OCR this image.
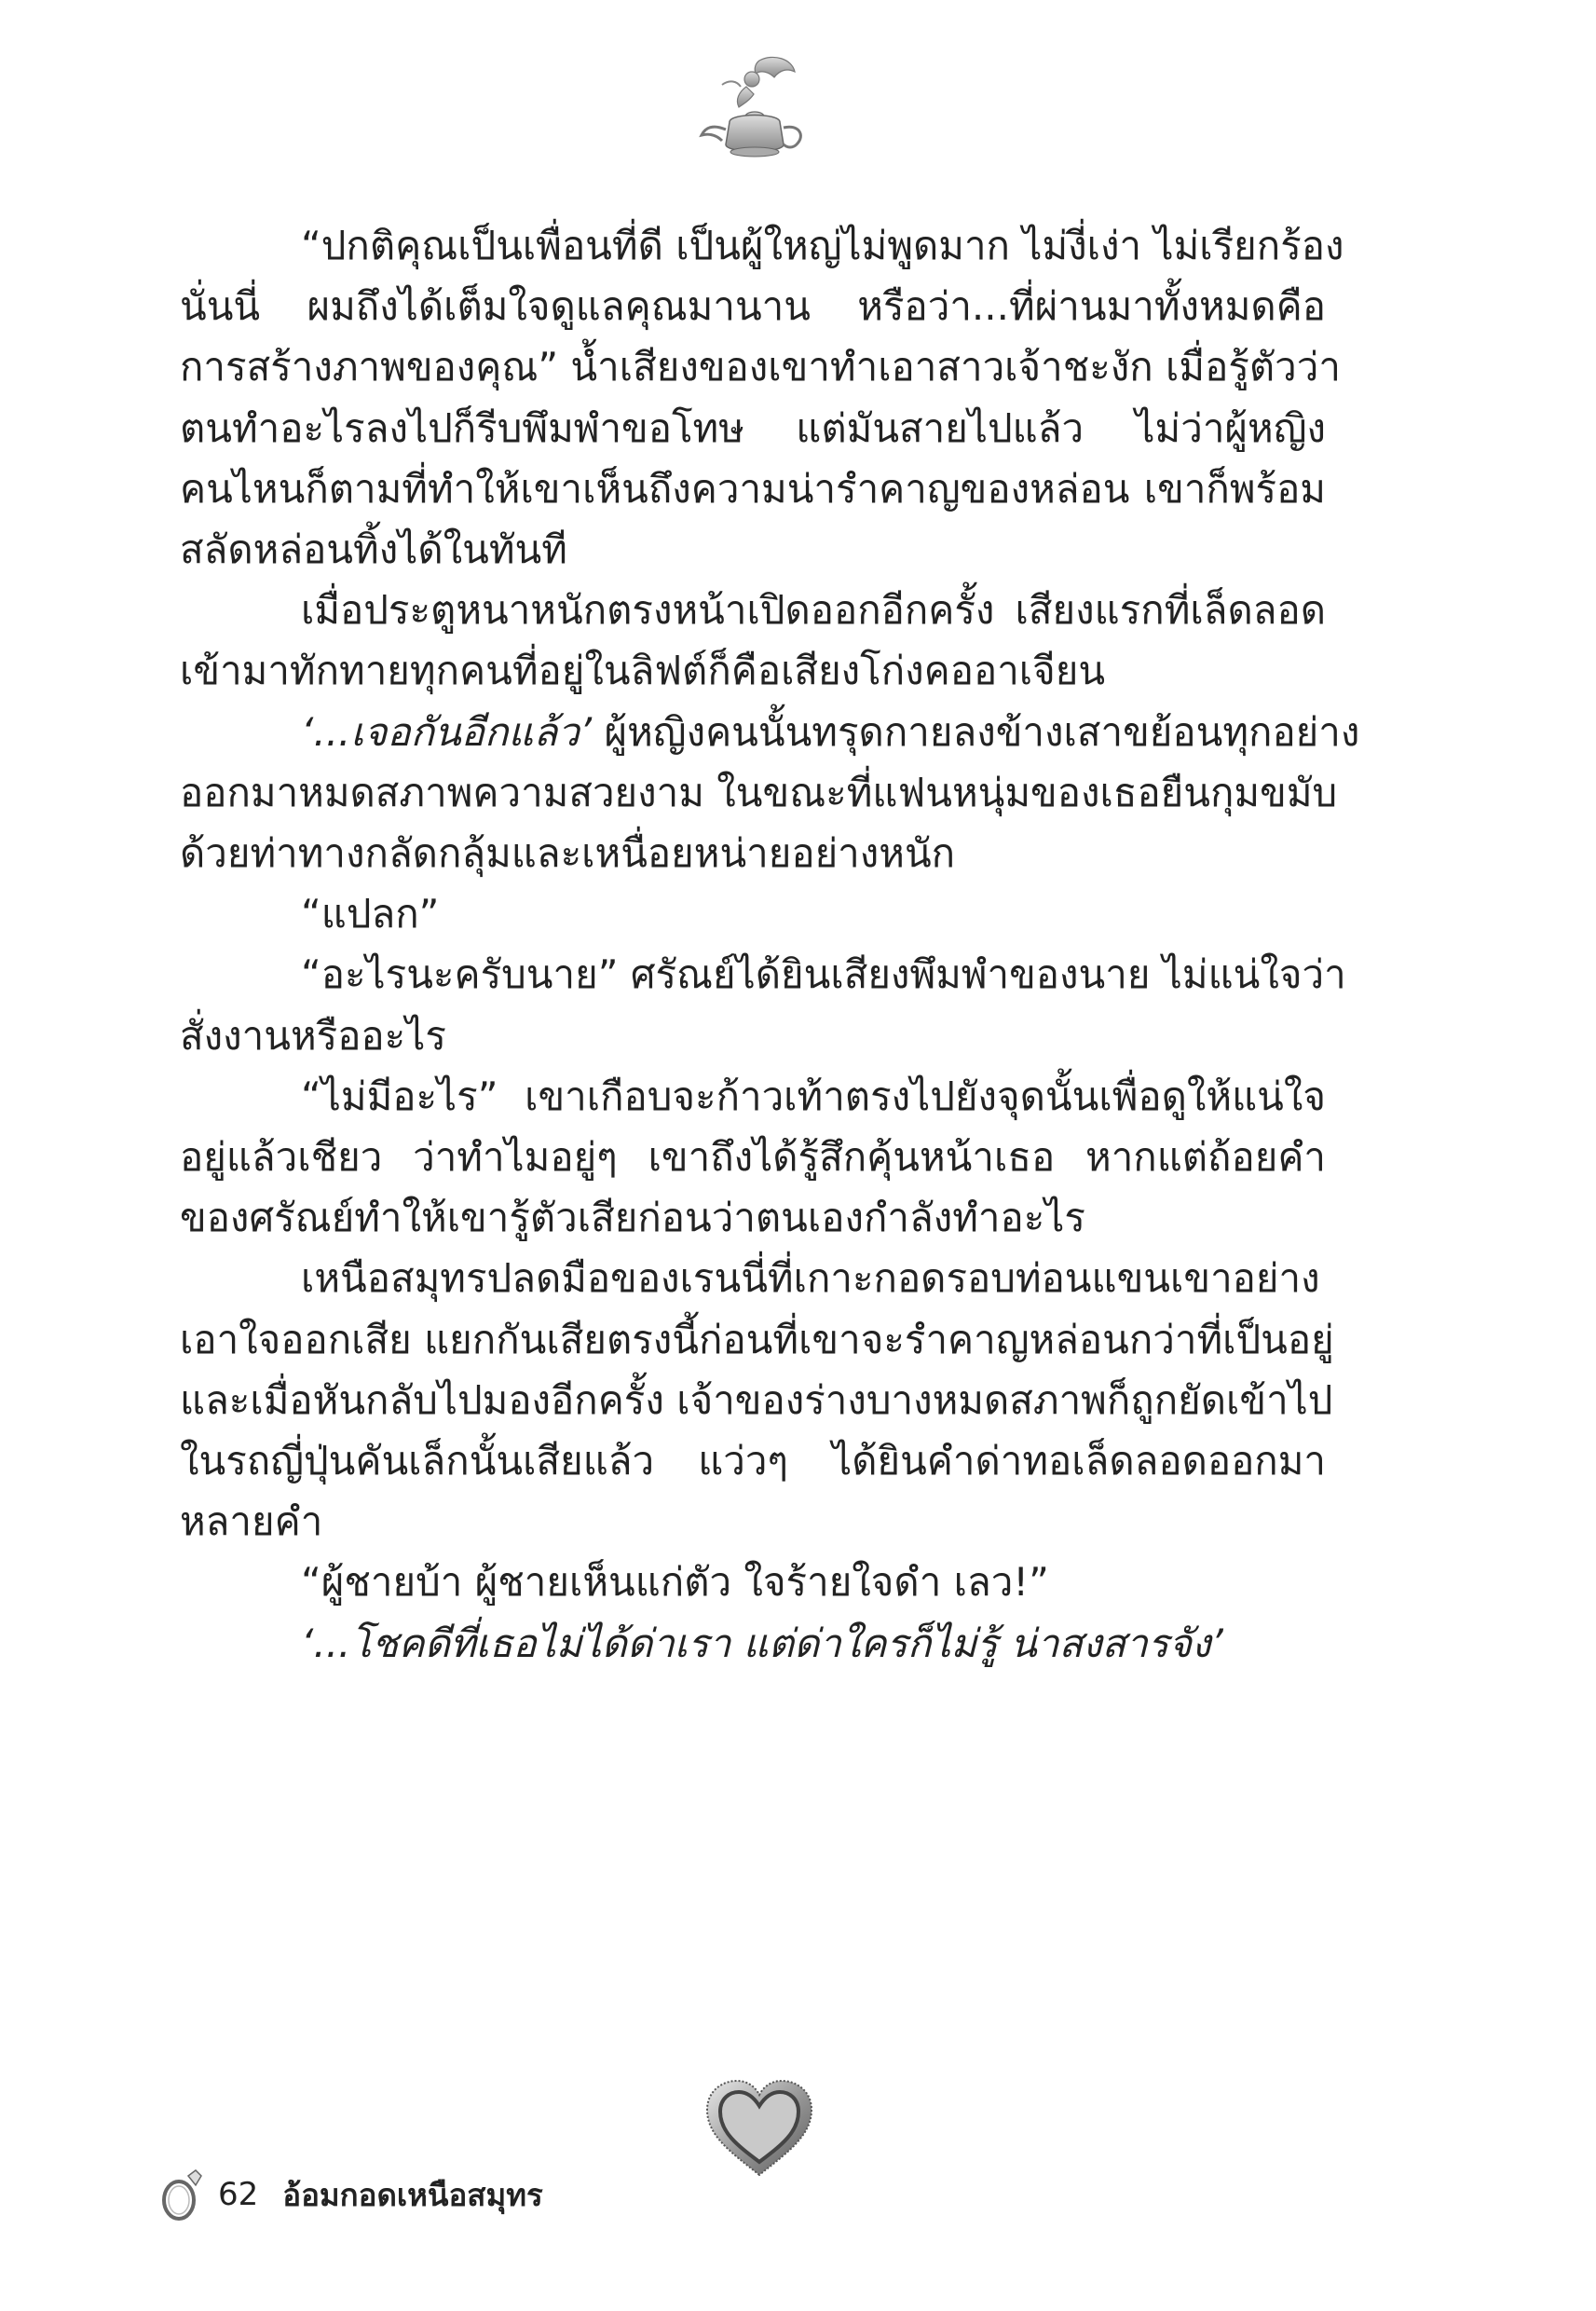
“ปกติคุณเป็นเพื่อนที่ดี เป็นผู้ใหญ่ไม่พูดมาก ไม่งี่เง่า ไม่เรียกร้อง
นั่นนี่ ผมถึงได้เต็มใจดูแลคุณมานาน หรือว่า...ที่ผ่านมาทั้งหมดคือ
การสร้างภาพของคุณ” น้ำเสียงของเขาทำเอาสาวเจ้าชะงัก เมื่อรู้ตัวว่า
ตนทำอะไรลงไปก็รีบพึมพำขอโทษ แต่มันสายไปแล้ว ไม่ว่าผู้หญิง
คนไหนก็ตามที่ทำให้เขาเห็นถึงความน่ารำคาญของหล่อน เขาก็พร้อม
สลัดหล่อนทิ้งได้ในทันที

เมื่อประตูหนาหนักตรงหน้าเปิดออกอีกครั้ง เสียงแรกที่เล็ดลอด
เข้ามาทักทายทุกคนที่อยู่ในลิฟต์ก็คือเสียงโก่งคออาเจียน

‘...เจอกันอีกแล้ว’ ผู้หญิงคนนั้นทรุดกายลงข้างเสาขย้อนทุกอย่าง
ออกมาหมดสภาพความสวยงาม ในขณะที่แฟนหนุ่มของเธอยืนกุมขมับ
ด้วยท่าทางกลัดกลุ้มและเหนื่อยหน่ายอย่างหนัก

“แปลก”

“อะไรนะครับนาย” ศรัณย์ได้ยินเสียงพึมพำของนาย ไม่แน่ใจว่า
สั่งงานหรืออะไร

“ไม่มีอะไร” เขาเกือบจะก้าวเท้าตรงไปยังจุดนั้นเพื่อดูให้แน่ใจ
อยู่แล้วเชียว ว่าทำไมอยู่ๆ เขาถึงได้รู้สึกคุ้นหน้าเธอ หากแต่ถ้อยคำ
ของศรัณย์ทำให้เขารู้ตัวเสียก่อนว่าตนเองกำลังทำอะไร

เหนือสมุทรปลดมือของเรนนี่ที่เกาะกอดรอบท่อนแขนเขาอย่าง
เอาใจออกเสีย แยกกันเสียตรงนี้ก่อนที่เขาจะรำคาญหล่อนกว่าที่เป็นอยู่
และเมื่อหันกลับไปมองอีกครั้ง เจ้าของร่างบางหมดสภาพก็ถูกยัดเข้าไป
ในรถญี่ปุ่นคันเล็กนั้นเสียแล้ว แว่วๆ ได้ยินคำด่าทอเล็ดลอดออกมา
หลายคำ

“ผู้ชายบ้า ผู้ชายเห็นแก่ตัว ใจร้ายใจดำ เลว!”

‘...โชคดีที่เธอไม่ได้ด่าเรา แต่ด่าใครก็ไม่รู้ น่าสงสารจัง’

62 อ้อมกอดเหนือสมุทร
